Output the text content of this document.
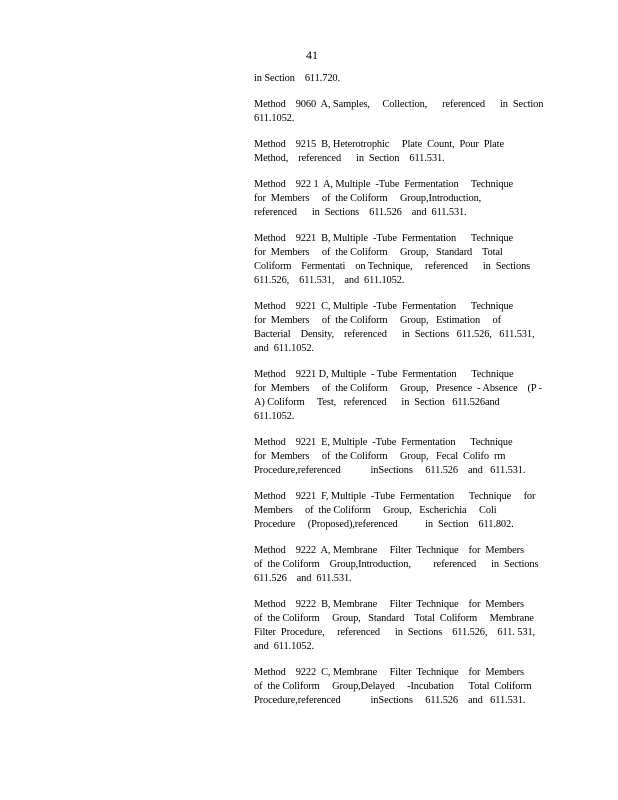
41
in Section    611.720.
Method    9060  A, Samples,     Collection,      referenced      in  Section
611.1052.
Method    9215  B, Heterotrophic     Plate  Count,  Pour  Plate
Method,    referenced      in  Section    611.531.
Method    922 1  A, Multiple  -Tube  Fermentation     Technique
for  Members     of  the Coliform     Group,Introduction,
referenced      in  Sections    611.526    and  611.531.
Method    9221  B, Multiple  -Tube  Fermentation      Technique
for  Members     of  the Coliform     Group,   Standard    Total
Coliform    Fermentati    on Technique,     referenced      in  Sections
611.526,    611.531,    and  611.1052.
Method    9221  C, Multiple  -Tube  Fermentation      Technique
for  Members     of  the Coliform     Group,   Estimation     of
Bacterial    Density,    referenced      in  Sections   611.526,   611.531,
and  611.1052.
Method    9221 D, Multiple  - Tube  Fermentation      Technique
for  Members     of  the Coliform     Group,   Presence  - Absence    (P -
A) Coliform     Test,   referenced      in  Section   611.526and
611.1052.
Method    9221  E, Multiple  -Tube  Fermentation      Technique
for  Members     of  the Coliform     Group,   Fecal  Colifo  rm
Procedure,referenced            inSections     611.526    and   611.531.
Method    9221  F, Multiple  -Tube  Fermentation      Technique     for
Members     of  the Coliform     Group,   Escherichia     Coli
Procedure     (Proposed),referenced           in  Section    611.802.
Method    9222  A, Membrane     Filter  Technique    for  Members
of  the Coliform    Group,Introduction,         referenced      in  Sections
611.526    and  611.531.
Method    9222  B, Membrane     Filter  Technique    for  Members
of  the Coliform     Group,   Standard    Total  Coliform     Membrane
Filter  Procedure,     referenced      in  Sections    611.526,    611. 531,
and  611.1052.
Method    9222  C, Membrane     Filter  Technique    for  Members
of  the Coliform     Group,Delayed     -Incubation      Total  Coliform
Procedure,referenced            inSections     611.526    and   611.531.
